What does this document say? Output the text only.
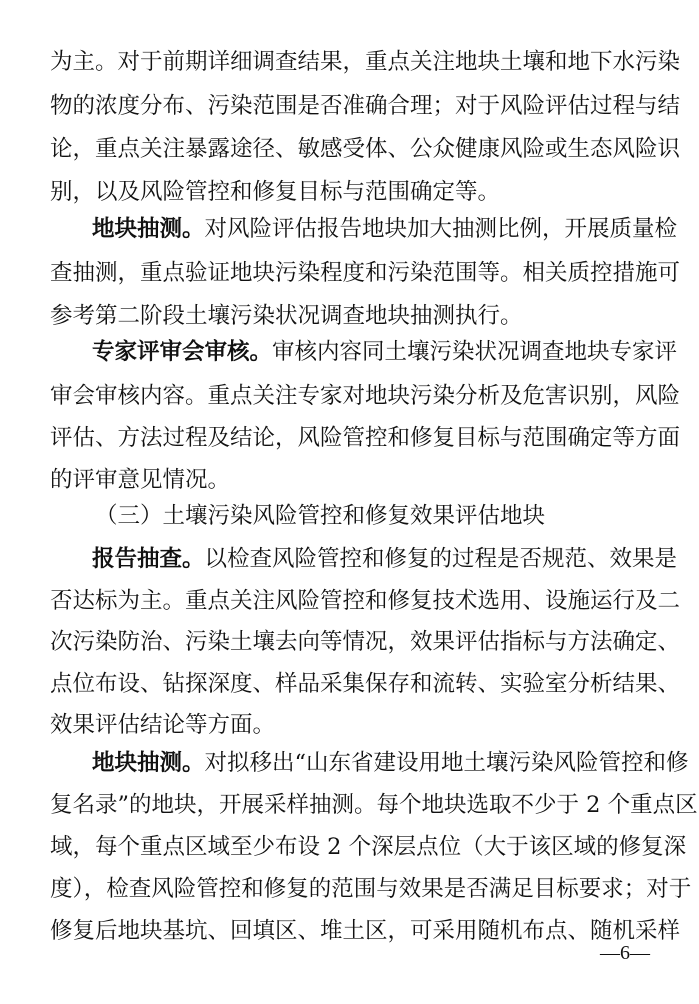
为主。对于前期详细调查结果，重点关注地块土壤和地下水污染
物的浓度分布、污染范围是否准确合理；对于风险评估过程与结
论，重点关注暴露途径、敏感受体、公众健康风险或生态风险识
别，以及风险管控和修复目标与范围确定等。
地块抽测。对风险评估报告地块加大抽测比例，开展质量检
查抽测，重点验证地块污染程度和污染范围等。相关质控措施可
参考第二阶段土壤污染状况调查地块抽测执行。
专家评审会审核。审核内容同土壤污染状况调查地块专家评
审会审核内容。重点关注专家对地块污染分析及危害识别，风险
评估、方法过程及结论，风险管控和修复目标与范围确定等方面
的评审意见情况。
（三）土壤污染风险管控和修复效果评估地块
报告抽查。以检查风险管控和修复的过程是否规范、效果是
否达标为主。重点关注风险管控和修复技术选用、设施运行及二
次污染防治、污染土壤去向等情况，效果评估指标与方法确定、
点位布设、钻探深度、样品采集保存和流转、实验室分析结果、
效果评估结论等方面。
地块抽测。对拟移出“山东省建设用地土壤污染风险管控和修
复名录”的地块，开展采样抽测。每个地块选取不少于 2 个重点区
域，每个重点区域至少布设 2 个深层点位（大于该区域的修复深
度），检查风险管控和修复的范围与效果是否满足目标要求；对于
修复后地块基坑、回填区、堆土区，可采用随机布点、随机采样
—6—
